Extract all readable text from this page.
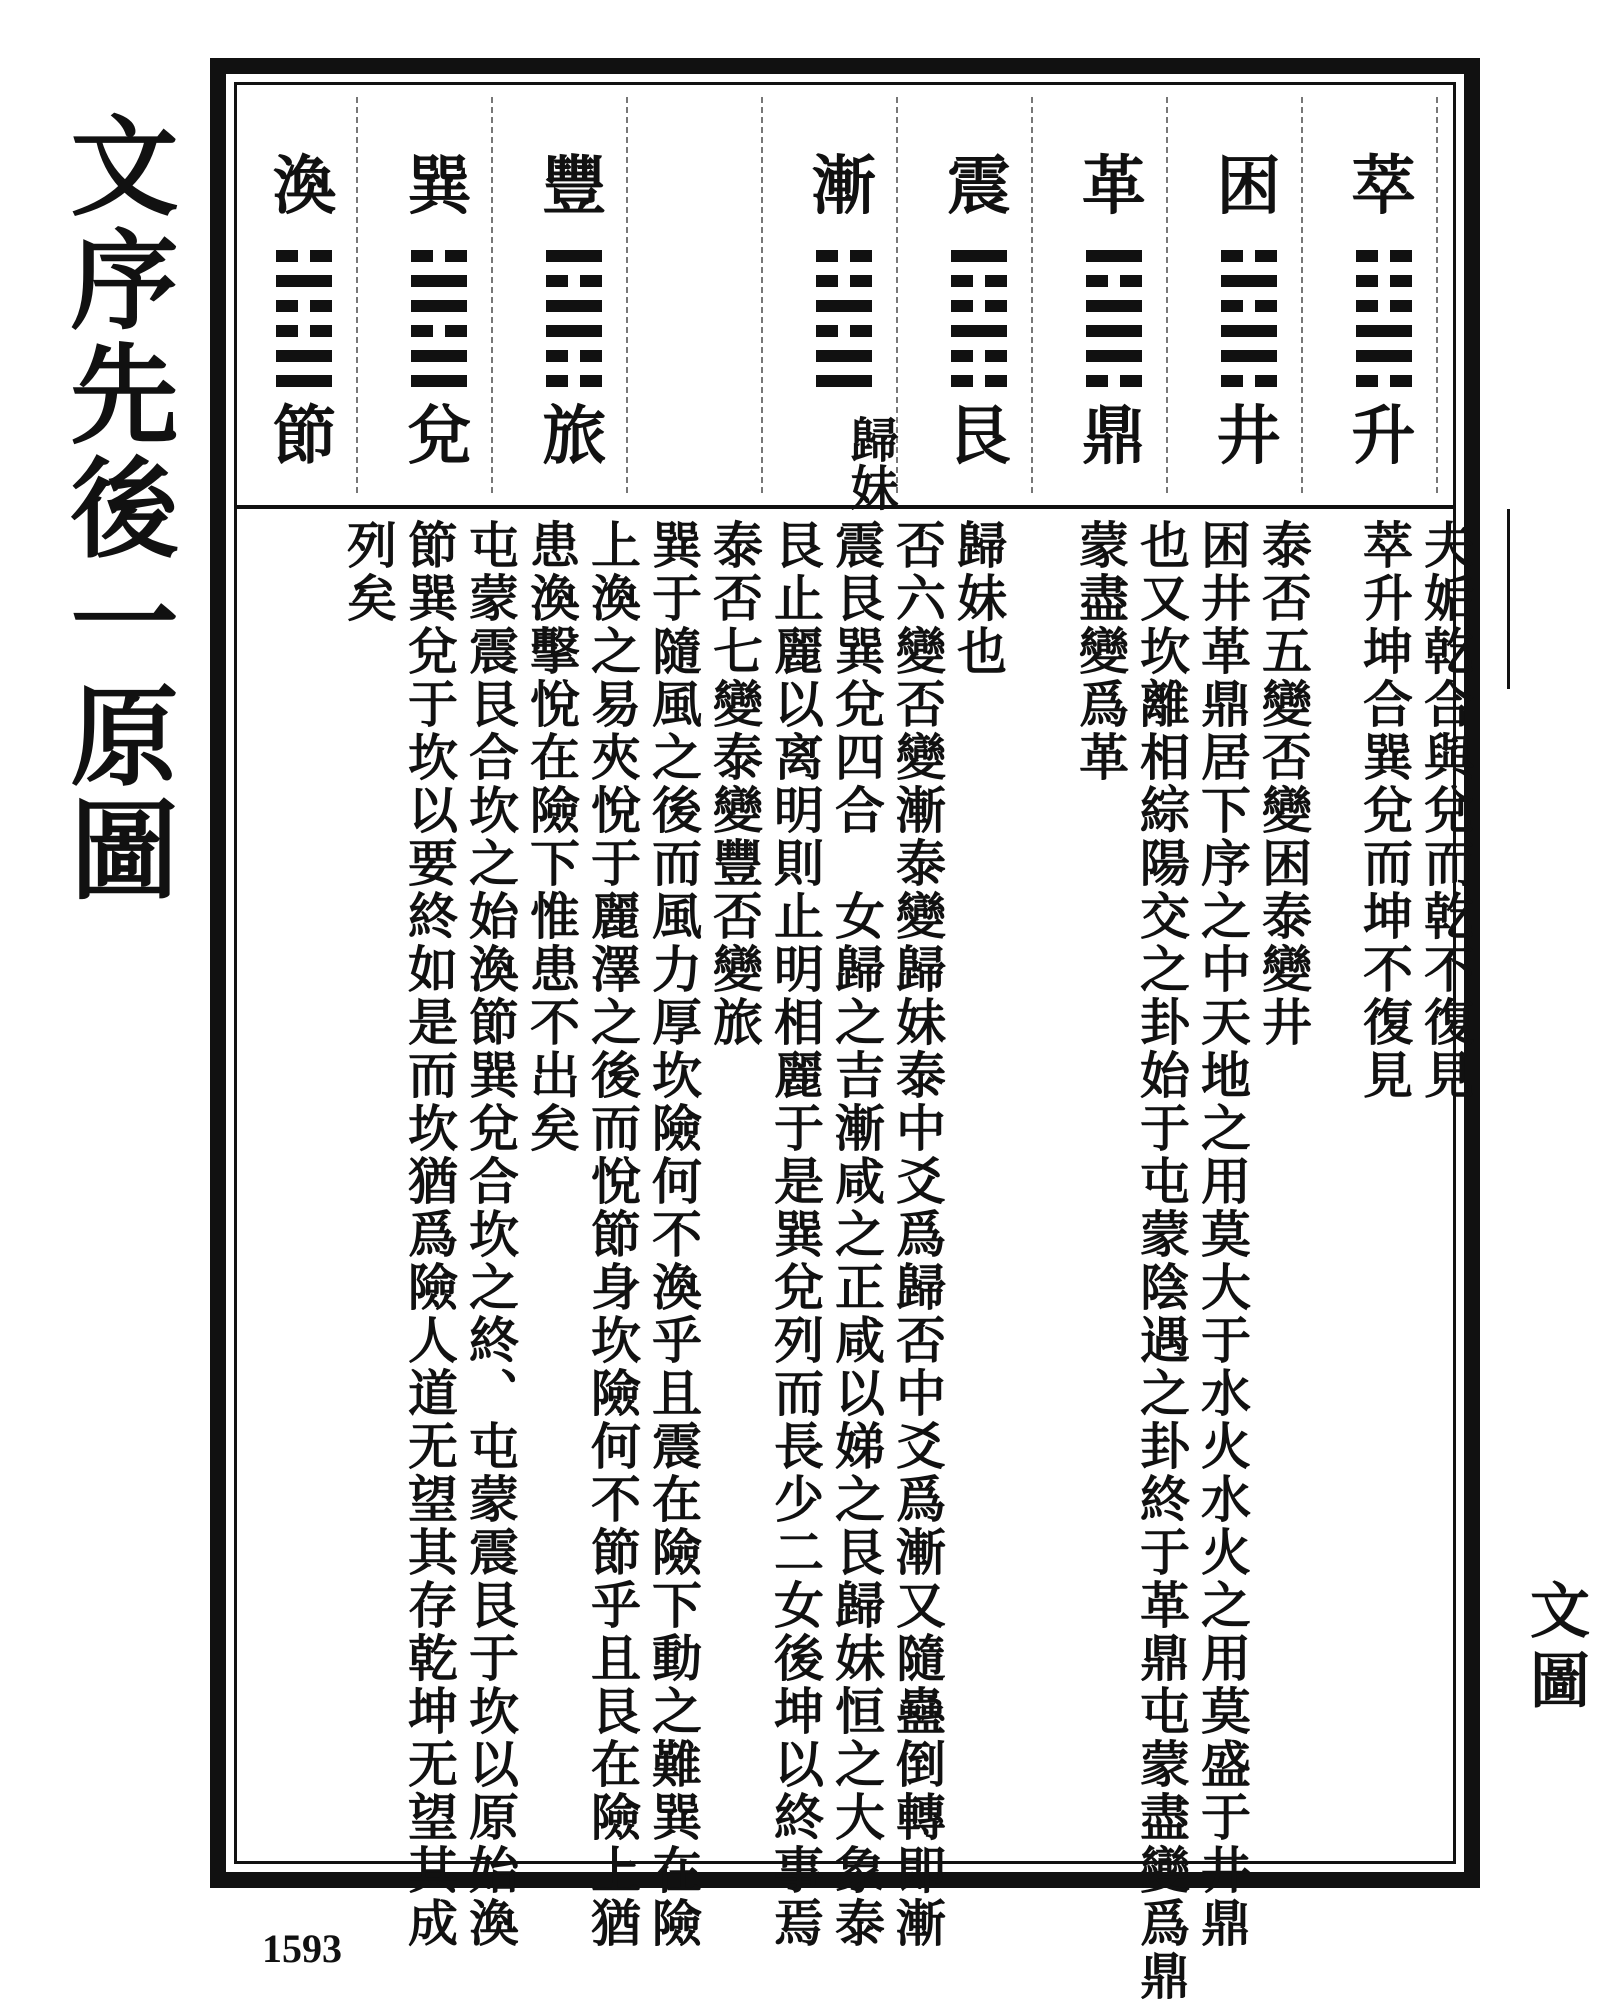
文序先後一原圖	萃
升
困
井
革
鼎
震
艮
漸
歸妹
豐
旅
巽
兌
渙
節
文圖
夫姤乾合與兌而乾不復見
萃升坤合巽兌而坤不復見
泰否五變否變困泰變井
困井革鼎居下序之中天地之用莫大于水火水火之用莫盛于井鼎
也又坎離相綜陽交之卦始于屯蒙陰遇之卦終于革鼎屯蒙盡變爲鼎
蒙盡變爲革
歸妹也
否六變否變漸泰變歸妹泰中爻爲歸否中爻爲漸又隨蠱倒轉即漸
震艮巽兌四合　女歸之吉漸咸之正咸以娣之艮歸妹恒之大象泰
艮止麗以离明則止明相麗于是巽兌列而長少二女後坤以終事焉
泰否七變泰變豐否變旅
巽于隨風之後而風力厚坎險何不渙乎且震在險下動之難巽在險
上渙之易夾悅于麗澤之後而悅節身坎險何不節乎且艮在險上猶
患渙擊悅在險下惟患不出矣
屯蒙震艮合坎之始渙節巽兌合坎之終、屯蒙震艮于坎以原始渙
節巽兌于坎以要終如是而坎猶爲險人道无望其存乾坤无望其成
列矣
1593
